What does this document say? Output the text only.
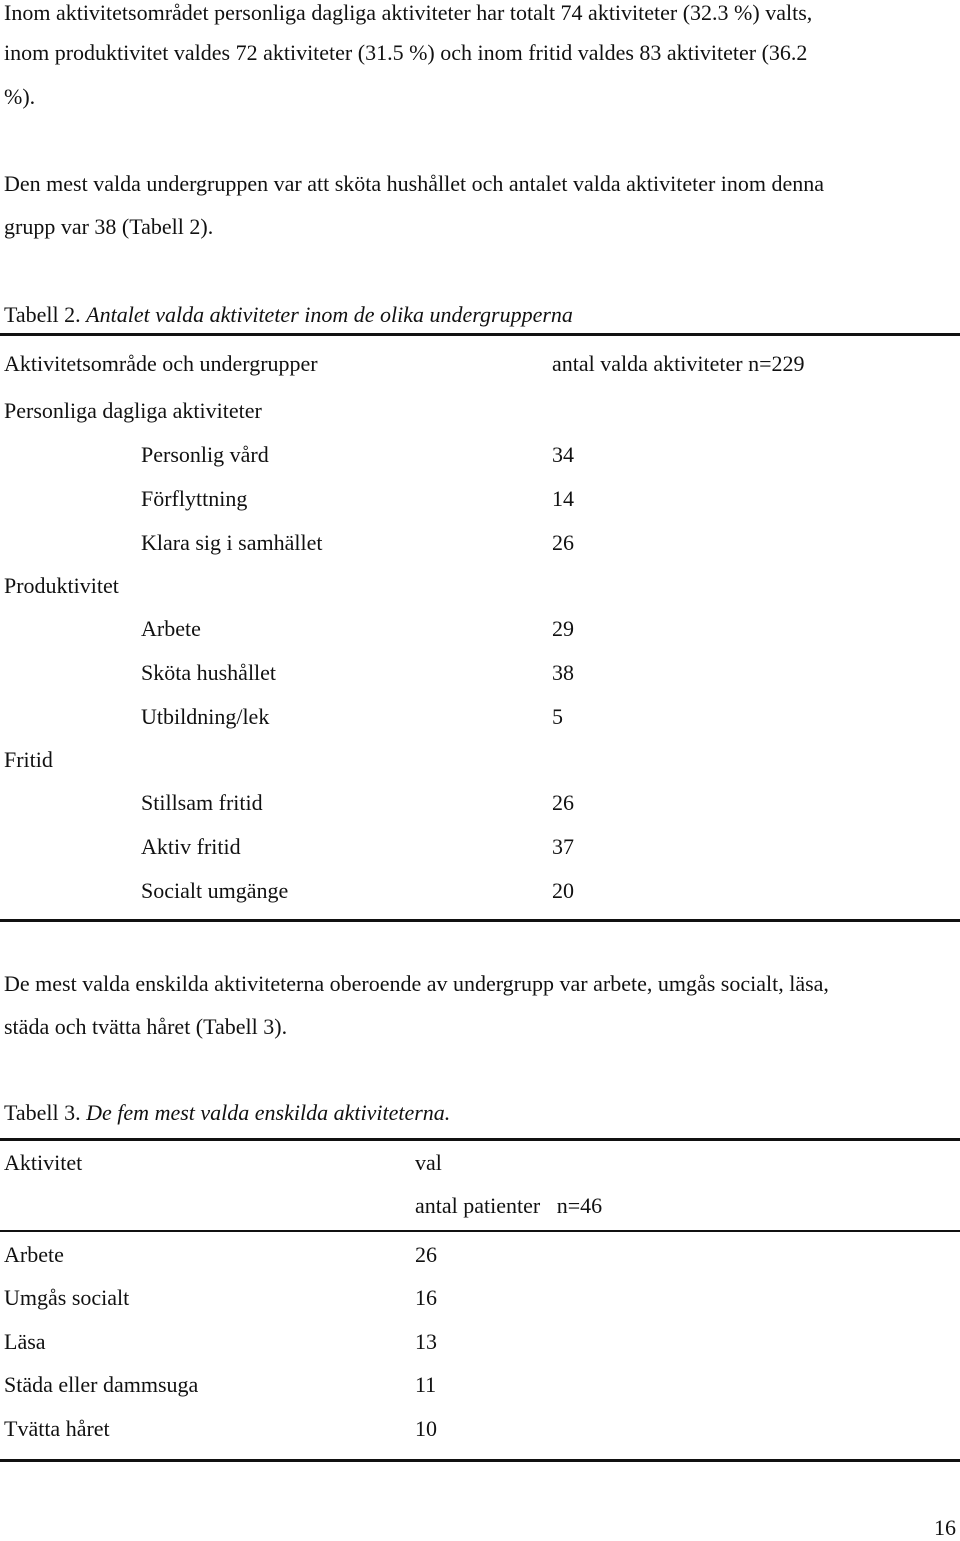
Inom aktivitetsområdet personliga dagliga aktiviteter har totalt 74 aktiviteter (32.3 %) valts,
inom produktivitet valdes 72 aktiviteter (31.5 %) och inom fritid valdes 83 aktiviteter (36.2
%).
Den mest valda undergruppen var att sköta hushållet och antalet valda aktiviteter inom denna
grupp var 38 (Tabell 2).
Tabell 2. Antalet valda aktiviteter inom de olika undergrupperna
Aktivitetsområde och undergrupper	antal valda aktiviteter n=229
Personliga dagliga aktiviteter
Personlig vård	34
Förflyttning	14
Klara sig i samhället	26
Produktivitet
Arbete	29
Sköta hushållet	38
Utbildning/lek	5
Fritid
Stillsam fritid	26
Aktiv fritid	37
Socialt umgänge	20
De mest valda enskilda aktiviteterna oberoende av undergrupp var arbete, umgås socialt, läsa,
städa och tvätta håret (Tabell 3).
Tabell 3. De fem mest valda enskilda aktiviteterna.
Aktivitet	val
antal patienter   n=46
Arbete	26
Umgås socialt	16
Läsa	13
Städa eller dammsuga	11
Tvätta håret	10
16
